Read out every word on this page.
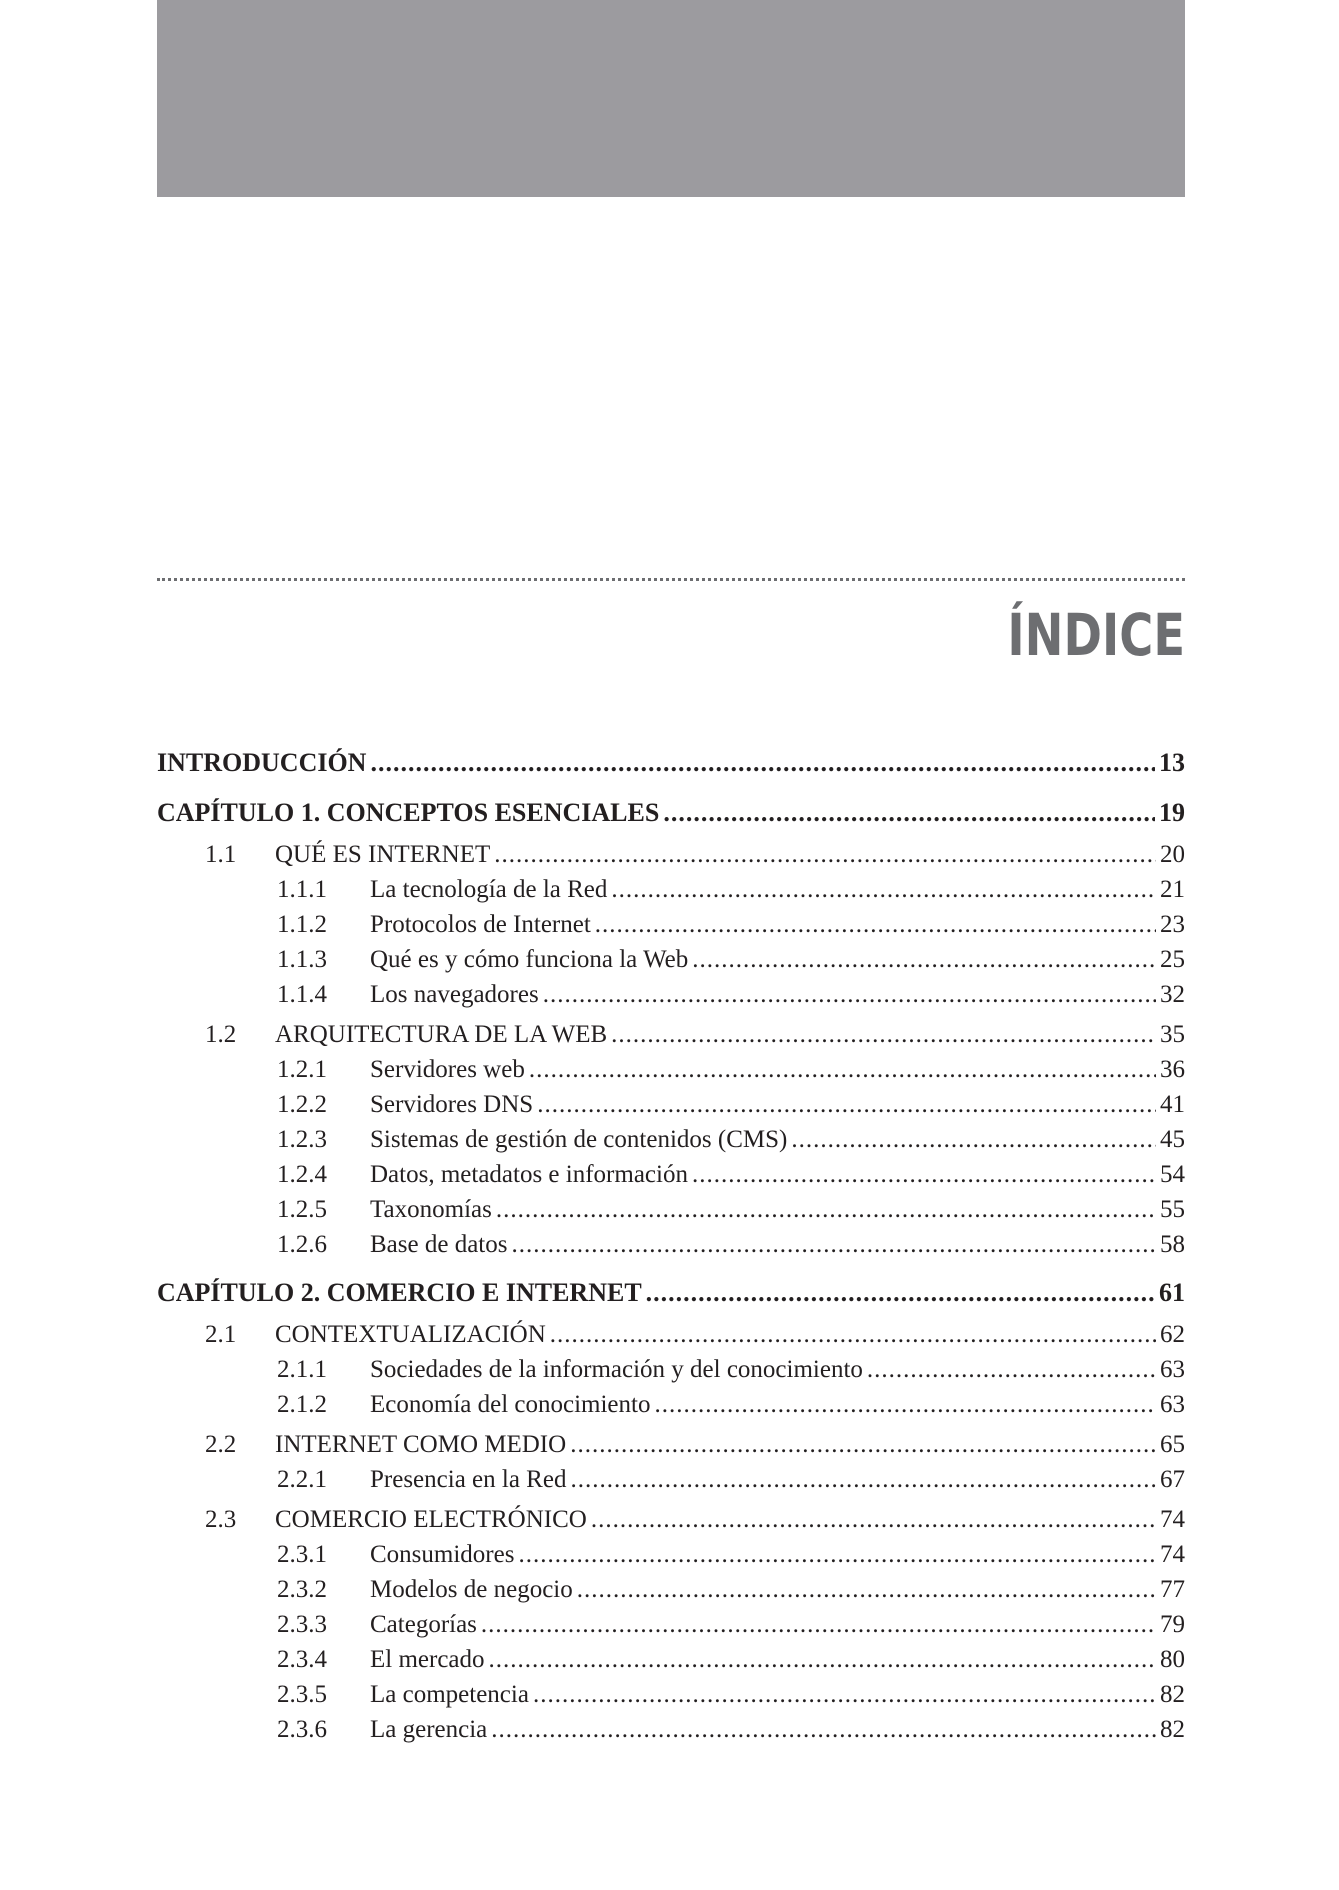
ÍNDICE
INTRODUCCIÓN .....	13
CAPÍTULO 1. CONCEPTOS ESENCIALES .....	19
1.1	QUÉ ES INTERNET .....	20
1.1.1	La tecnología de la Red .....	21
1.1.2	Protocolos de Internet .....	23
1.1.3	Qué es y cómo funciona la Web .....	25
1.1.4	Los navegadores .....	32
1.2	ARQUITECTURA DE LA WEB .....	35
1.2.1	Servidores web .....	36
1.2.2	Servidores DNS .....	41
1.2.3	Sistemas de gestión de contenidos (CMS) .....	45
1.2.4	Datos, metadatos e información .....	54
1.2.5	Taxonomías .....	55
1.2.6	Base de datos .....	58
CAPÍTULO 2. COMERCIO E INTERNET .....	61
2.1	CONTEXTUALIZACIÓN .....	62
2.1.1	Sociedades de la información y del conocimiento .....	63
2.1.2	Economía del conocimiento .....	63
2.2	INTERNET COMO MEDIO .....	65
2.2.1	Presencia en la Red .....	67
2.3	COMERCIO ELECTRÓNICO .....	74
2.3.1	Consumidores .....	74
2.3.2	Modelos de negocio .....	77
2.3.3	Categorías .....	79
2.3.4	El mercado .....	80
2.3.5	La competencia .....	82
2.3.6	La gerencia .....	82
